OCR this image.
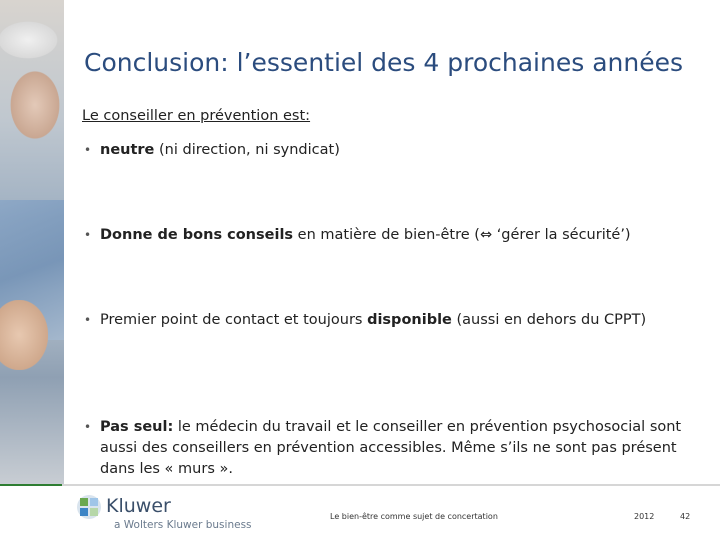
Conclusion: l’essentiel des 4 prochaines années
Le conseiller en prévention est:
• neutre (ni direction, ni syndicat)
• Donne de bons conseils en matière de bien-être (⇔ ‘gérer la sécurité’)
• Premier point de contact et toujours disponible (aussi en dehors du CPPT)
• Pas seul: le médecin du travail et le conseiller en prévention psychosocial sont aussi des conseillers en prévention accessibles. Même s’ils ne sont pas présent dans les « murs ».
Kluwer
a Wolters Kluwer business
Le bien-être comme sujet de concertation	2012	42
